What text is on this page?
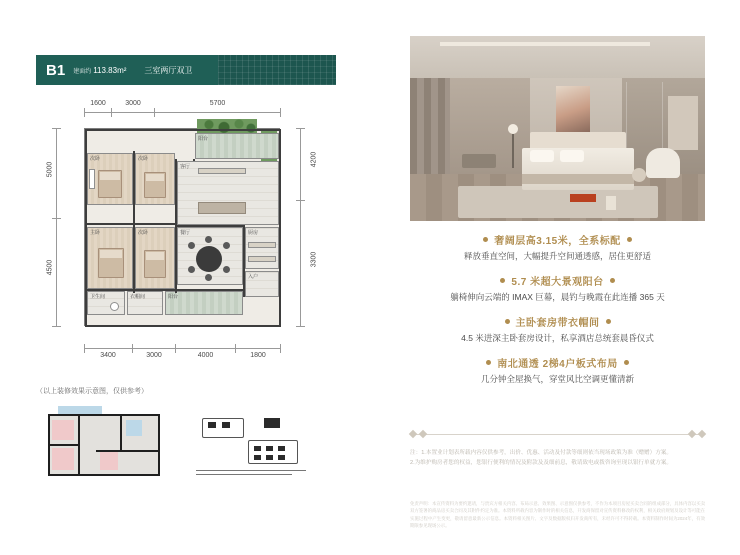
B1 建面约 113.83m² 三室两厅双卫
1600	3000	5700
5000
4500
4200
3300
3400	3000	4000	1800
阳台
次卧	次卧
客厅
餐厅	厨房
入户
主卧	次卧
卫生间	衣帽间	阳台
（以上装修效果示意图，仅供参考）
奢阔层高3.15米，全系标配
释放垂直空间，大幅提升空间通透感，居住更舒适
5.7 米超大景观阳台
躺椅伸向云端的 IMAX 巨幕，晨钓与晚霞在此连播 365 天
主卧套房带衣帽间
4.5 米进深主卧套房设计，私享酒店总统套晨昏仪式
南北通透 2梯4户板式布局
几分钟全屋换气，穿堂风比空调更懂清新
注：1.本置业计划表所载内容仅供参考，出价、优惠、活动及付款等细则依当现场政策为准（赠赠）方案。
2.为维护购房者您的权益，您银行便利的情况及附款及及细前息，敬请致电或拨咨询至现以银行单就方案。
免责声明：本宣传资料为要约邀请，与贵宾方相关内容、布局示意、效果图、示意图仅供参考，不作为本项目房屋买卖合同的组成部分，具体内容以买卖双方签署的商品房买卖合同及其附件约定为准。本资料所载内容为制作时的相关信息，开发商保留对宣传资料修改的权利，相关政府规划及设计等可能在实施过程中产生变更，敬请留意最新公示信息。本资料相关图片、文字及数据版权归开发商所有，未经许可不得转载。本资料制作时间为2024年，有效期限参见现场公示。
